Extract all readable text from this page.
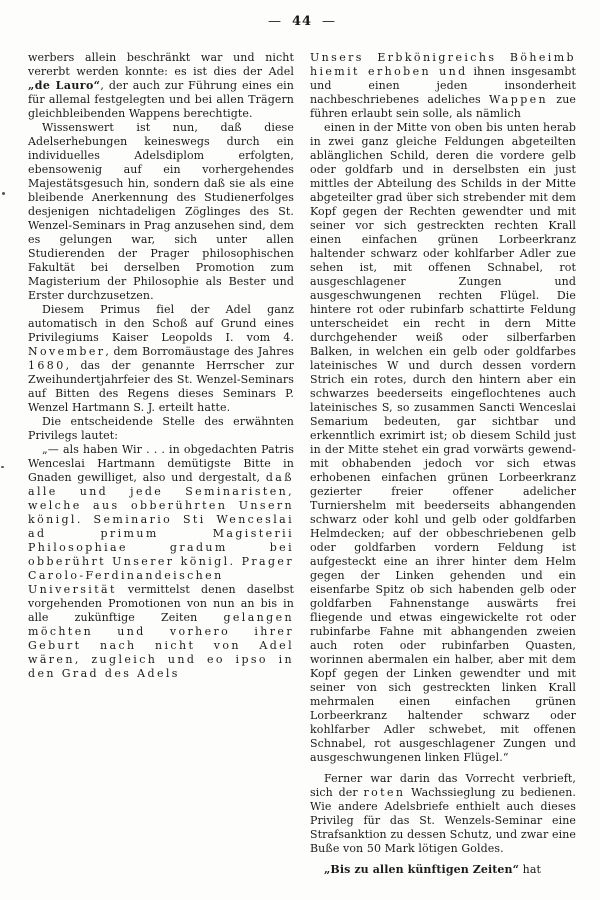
— 44 —

werbers allein beschränkt war und nicht vererbt werden konnte: es ist dies der Adel „de Lauro“, der auch zur Führung eines ein für allemal festgelegten und bei allen Trägern gleichbleibenden Wappens berechtigte.

Wissenswert ist nun, daß diese Adelserhebungen keineswegs durch ein individuelles Adelsdiplom erfolgten, ebensowenig auf ein vorhergehendes Majestätsgesuch hin, sondern daß sie als eine bleibende Anerkennung des Studienerfolges desjenigen nichtadeligen Zöglinges des St. Wenzel-Seminars in Prag anzusehen sind, dem es gelungen war, sich unter allen Studierenden der Prager philosophischen Fakultät bei derselben Promotion zum Magisterium der Philosophie als Bester und Erster durchzusetzen.

Diesem Primus fiel der Adel ganz automatisch in den Schoß auf Grund eines Privilegiums Kaiser Leopolds I. vom 4. November, dem Borromäustage des Jahres 1680, das der genannte Herrscher zur Zweihundertjahrfeier des St. Wenzel-Seminars auf Bitten des Regens dieses Seminars P. Wenzel Hartmann S. J. erteilt hatte.

Die entscheidende Stelle des erwähnten Privilegs lautet:

„— als haben Wir . . . in obgedachten Patris Wenceslai Hartmann demütigste Bitte in Gnaden gewilliget, also und dergestalt, daß alle und jede Seminaristen, welche aus obberührten Unsern königl. Seminario Sti Wenceslai ad primum Magisterii Philosophiae gradum bei obberührt Unserer königl. Prager Carolo-Ferdinandeischen Universität vermittelst denen daselbst vorgehenden Promotionen von nun an bis in alle zukünftige Zeiten gelangen möchten und vorhero ihrer Geburt nach nicht von Adel wären, zugleich und eo ipso in den Grad des Adels

Unsers Erbkönigreichs Böheimb hiemit erhoben und ihnen insgesambt und einen jeden insonderheit nachbeschriebenes adeliches Wappen zue führen erlaubt sein solle, als nämlich

einen in der Mitte von oben bis unten herab in zwei ganz gleiche Feldungen abgeteilten ablänglichen Schild, deren die vordere gelb oder goldfarb und in derselbsten ein just mittles der Abteilung des Schilds in der Mitte abgeteilter grad über sich strebender mit dem Kopf gegen der Rechten gewendter und mit seiner vor sich gestreckten rechten Krall einen einfachen grünen Lorbeerkranz haltender schwarz oder kohlfarber Adler zue sehen ist, mit offenen Schnabel, rot ausgeschlagener Zungen und ausgeschwungenen rechten Flügel. Die hintere rot oder rubinfarb schattirte Feldung unterscheidet ein recht in dern Mitte durchgehender weiß oder silberfarben Balken, in welchen ein gelb oder goldfarbes lateinisches W und durch dessen vordern Strich ein rotes, durch den hintern aber ein schwarzes beederseits eingeflochtenes auch lateinisches S, so zusammen Sancti Wenceslai Semarium bedeuten, gar sichtbar und erkenntlich exrimirt ist; ob diesem Schild just in der Mitte stehet ein grad vorwärts gewend- mit obhabenden jedoch vor sich etwas erhobenen einfachen grünen Lorbeerkranz gezierter freier offener adelicher Turniershelm mit beederseits abhangenden schwarz oder kohl und gelb oder goldfarben Helmdecken; auf der obbeschriebenen gelb oder goldfarben vordern Feldung ist aufgesteckt eine an ihrer hinter dem Helm gegen der Linken gehenden und ein eisenfarbe Spitz ob sich habenden gelb oder goldfarben Fahnenstange auswärts frei fliegende und etwas eingewickelte rot oder rubinfarbe Fahne mit abhangenden zweien auch roten oder rubinfarben Quasten, worinnen abermalen ein halber, aber mit dem Kopf gegen der Linken gewendter und mit seiner von sich gestreckten linken Krall mehrmalen einen einfachen grünen Lorbeerkranz haltender schwarz oder kohlfarber Adler schwebet, mit offenen Schnabel, rot ausgeschlagener Zungen und ausgeschwungenen linken Flügel.“

Ferner war darin das Vorrecht verbrieft, sich der roten Wachssieglung zu bedienen. Wie andere Adelsbriefe enthielt auch dieses Privileg für das St. Wenzels-Seminar eine Strafsanktion zu dessen Schutz, und zwar eine Buße von 50 Mark lötigen Goldes.

„Bis zu allen künftigen Zeiten“ hat
